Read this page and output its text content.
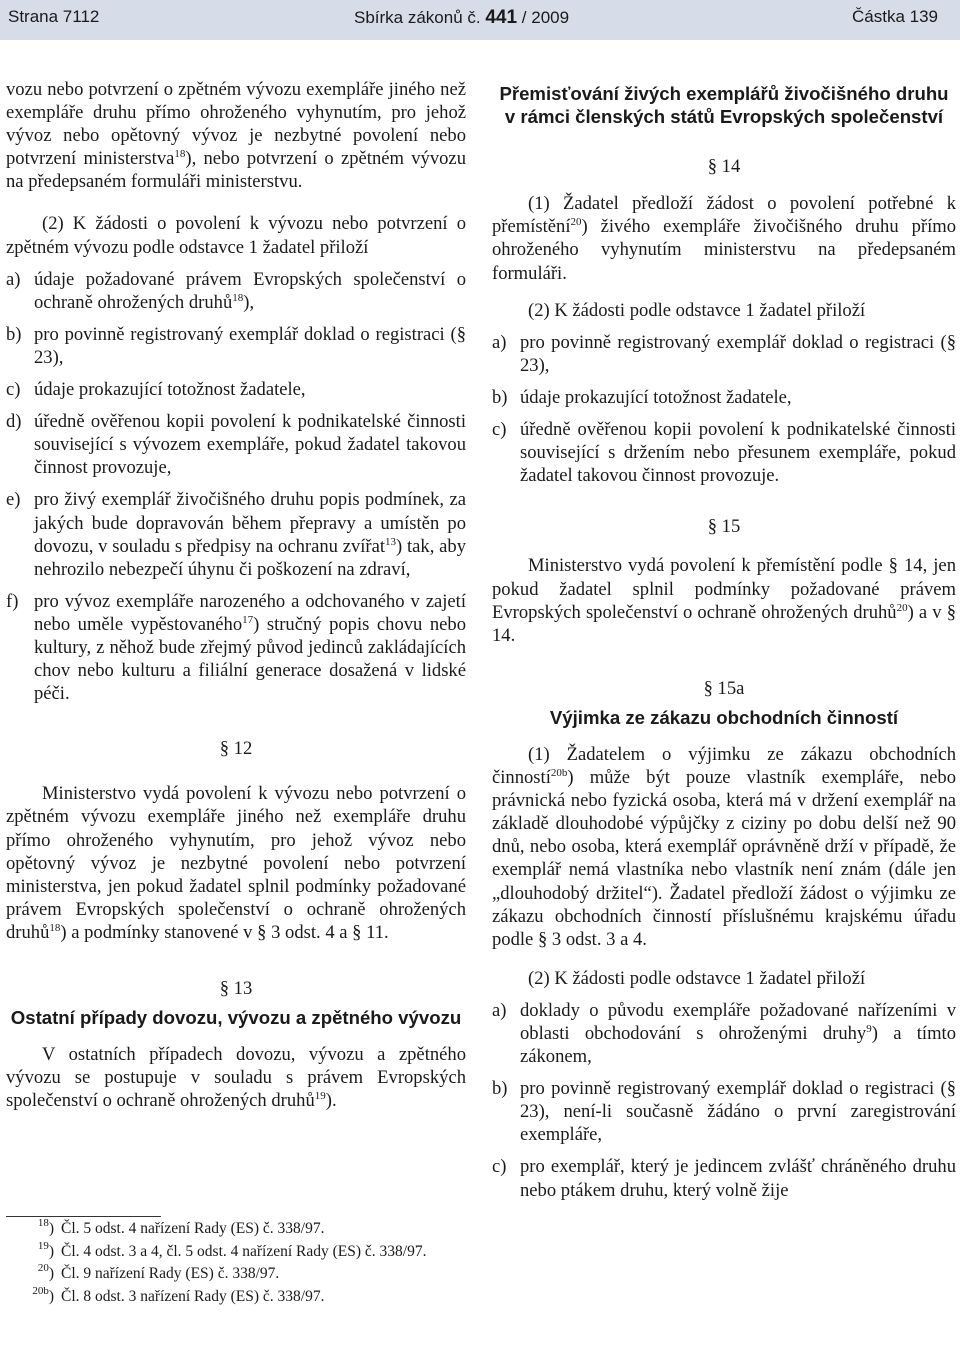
Strana 7112	Sbírka zákonů č. 441 / 2009	Částka 139

vozu nebo potvrzení o zpětném vývozu exempláře jiného než exempláře druhu přímo ohroženého vyhynutím, pro jehož vývoz nebo opětovný vývoz je nezbytné povolení nebo potvrzení ministerstva$^{18}$), nebo potvrzení o zpětném vývozu na předepsaném formuláři ministerstvu.

(2) K žádosti o povolení k vývozu nebo potvrzení o zpětném vývozu podle odstavce 1 žadatel přiloží

a) údaje požadované právem Evropských společenství o ochraně ohrožených druhů$^{18}$),

b) pro povinně registrovaný exemplář doklad o registraci (§ 23),

c) údaje prokazující totožnost žadatele,

d) úředně ověřenou kopii povolení k podnikatelské činnosti související s vývozem exempláře, pokud žadatel takovou činnost provozuje,

e) pro živý exemplář živočišného druhu popis podmínek, za jakých bude dopravován během přepravy a umístěn po dovozu, v souladu s předpisy na ochranu zvířat$^{13}$) tak, aby nehrozilo nebezpečí úhynu či poškození na zdraví,

f) pro vývoz exempláře narozeného a odchovaného v zajetí nebo uměle vypěstovaného$^{17}$) stručný popis chovu nebo kultury, z něhož bude zřejmý původ jedinců zakládajících chov nebo kulturu a filiální generace dosažená v lidské péči.

§ 12

Ministerstvo vydá povolení k vývozu nebo potvrzení o zpětném vývozu exempláře jiného než exempláře druhu přímo ohroženého vyhynutím, pro jehož vývoz nebo opětovný vývoz je nezbytné povolení nebo potvrzení ministerstva, jen pokud žadatel splnil podmínky požadované právem Evropských společenství o ochraně ohrožených druhů$^{18}$) a podmínky stanovené v § 3 odst. 4 a § 11.

§ 13

Ostatní případy dovozu, vývozu a zpětného vývozu

V ostatních případech dovozu, vývozu a zpětného vývozu se postupuje v souladu s právem Evropských společenství o ochraně ohrožených druhů$^{19}$).

Přemisťování živých exemplářů živočišného druhu v rámci členských států Evropských společenství

§ 14

(1) Žadatel předloží žádost o povolení potřebné k přemístění$^{20}$) živého exempláře živočišného druhu přímo ohroženého vyhynutím ministerstvu na předepsaném formuláři.

(2) K žádosti podle odstavce 1 žadatel přiloží

a) pro povinně registrovaný exemplář doklad o registraci (§ 23),

b) údaje prokazující totožnost žadatele,

c) úředně ověřenou kopii povolení k podnikatelské činnosti související s držením nebo přesunem exempláře, pokud žadatel takovou činnost provozuje.

§ 15

Ministerstvo vydá povolení k přemístění podle § 14, jen pokud žadatel splnil podmínky požadované právem Evropských společenství o ochraně ohrožených druhů$^{20}$) a v § 14.

§ 15a

Výjimka ze zákazu obchodních činností

(1) Žadatelem o výjimku ze zákazu obchodních činností$^{20b}$) může být pouze vlastník exempláře, nebo právnická nebo fyzická osoba, která má v držení exemplář na základě dlouhodobé výpůjčky z ciziny po dobu delší než 90 dnů, nebo osoba, která exemplář oprávněně drží v případě, že exemplář nemá vlastníka nebo vlastník není znám (dále jen „dlouhodobý držitel“). Žadatel předloží žádost o výjimku ze zákazu obchodních činností příslušnému krajskému úřadu podle § 3 odst. 3 a 4.

(2) K žádosti podle odstavce 1 žadatel přiloží

a) doklady o původu exempláře požadované nařízeními v oblasti obchodování s ohroženými druhy$^9$) a tímto zákonem,

b) pro povinně registrovaný exemplář doklad o registraci (§ 23), není-li současně žádáno o první zaregistrování exempláře,

c) pro exemplář, který je jedincem zvlášť chráněného druhu nebo ptákem druhu, který volně žije

$^{18}$) Čl. 5 odst. 4 nařízení Rady (ES) č. 338/97.
$^{19}$) Čl. 4 odst. 3 a 4, čl. 5 odst. 4 nařízení Rady (ES) č. 338/97.
$^{20}$) Čl. 9 nařízení Rady (ES) č. 338/97.
$^{20b}$) Čl. 8 odst. 3 nařízení Rady (ES) č. 338/97.
